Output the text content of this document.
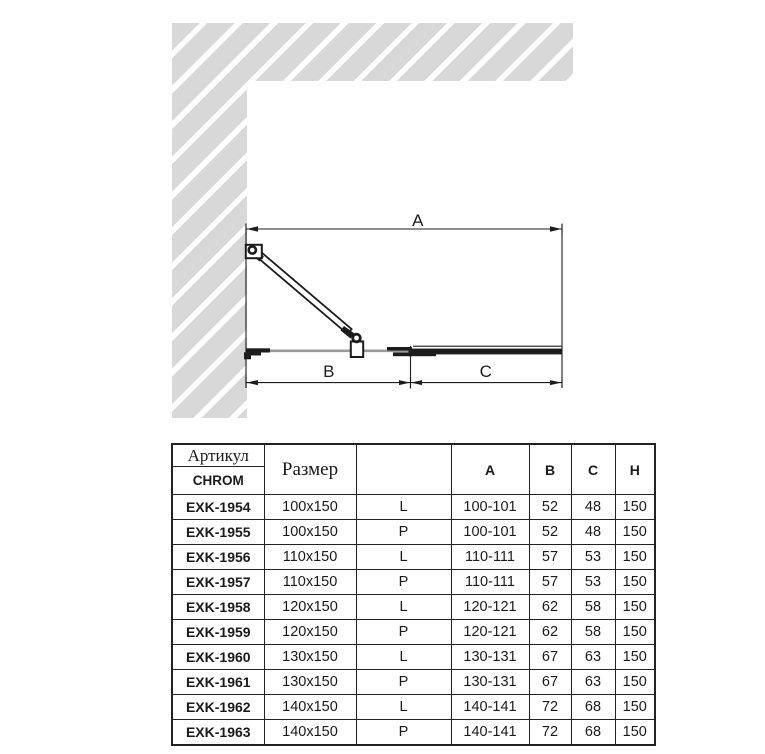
A
B	C
Артикул
CHROM	Размер		A	B	C	H
EXK-1954	100x150	L	100-101	52	48	150
EXK-1955	100x150	P	100-101	52	48	150
EXK-1956	110x150	L	110-111	57	53	150
EXK-1957	110x150	P	110-111	57	53	150
EXK-1958	120x150	L	120-121	62	58	150
EXK-1959	120x150	P	120-121	62	58	150
EXK-1960	130x150	L	130-131	67	63	150
EXK-1961	130x150	P	130-131	67	63	150
EXK-1962	140x150	L	140-141	72	68	150
EXK-1963	140x150	P	140-141	72	68	150
